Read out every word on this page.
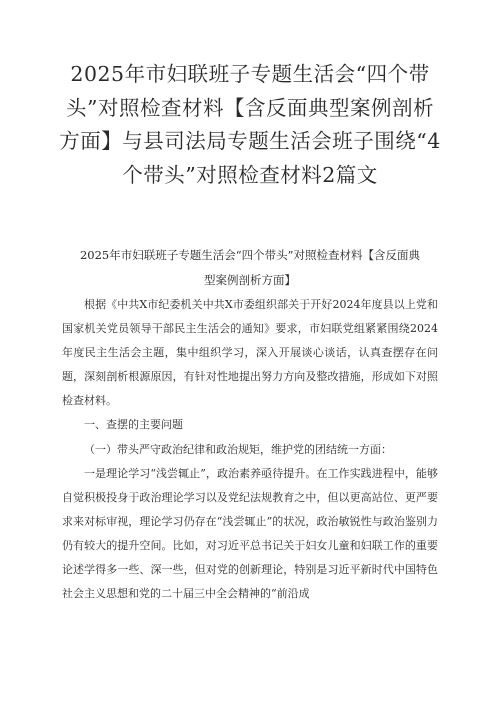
2025年市妇联班子专题生活会“四个带头”对照检查材料【含反面典型案例剖析方面】与县司法局专题生活会班子围绕“4个带头”对照检查材料2篇文
2025年市妇联班子专题生活会“四个带头”对照检查材料【含反面典型案例剖析方面】

根据《中共X市纪委机关中共X市委组织部关于开好2024年度县以上党和国家机关党员领导干部民主生活会的通知》要求，市妇联党组紧紧围绕2024年度民主生活会主题，集中组织学习，深入开展谈心谈话，认真查摆存在问题，深刻剖析根源原因，有针对性地提出努力方向及整改措施，形成如下对照检查材料。

一、查摆的主要问题

（一）带头严守政治纪律和政治规矩，维护党的团结统一方面：

一是理论学习“浅尝辄止”，政治素养亟待提升。在工作实践进程中，能够自觉积极投身于政治理论学习以及党纪法规教育之中，但以更高站位、更严要求来对标审视，理论学习仍存在“浅尝辄止”的状况，政治敏锐性与政治鉴别力仍有较大的提升空间。比如，对习近平总书记关于妇女儿童和妇联工作的重要论述学得多一些、深一些，但对党的创新理论，特别是习近平新时代中国特色社会主义思想和党的二十届三中全会精神的“前沿成
